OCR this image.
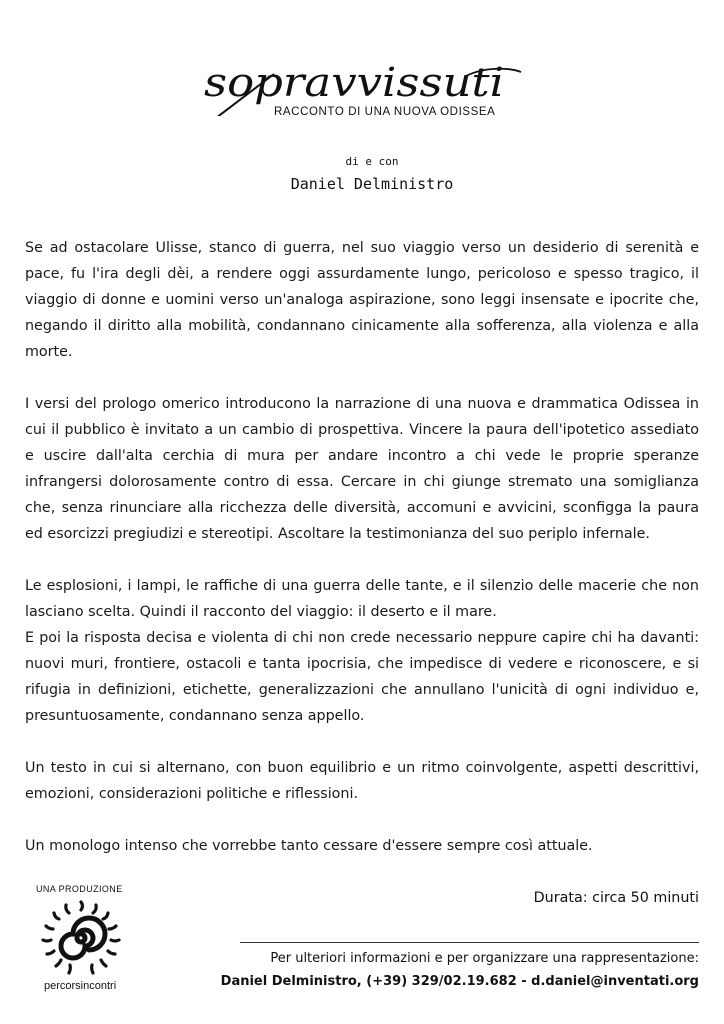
sopravvissuti
RACCONTO DI UNA NUOVA ODISSEA
di e con
Daniel Delministro

Se ad ostacolare Ulisse, stanco di guerra, nel suo viaggio verso un desiderio di serenità e pace, fu l'ira degli dèi, a rendere oggi assurdamente lungo, pericoloso e spesso tragico, il viaggio di donne e uomini verso un'analoga aspirazione, sono leggi insensate e ipocrite che, negando il diritto alla mobilità, condannano cinicamente alla sofferenza, alla violenza e alla morte.

I versi del prologo omerico introducono la narrazione di una nuova e drammatica Odissea in cui il pubblico è invitato a un cambio di prospettiva. Vincere la paura dell'ipotetico assediato e uscire dall'alta cerchia di mura per andare incontro a chi vede le proprie speranze infrangersi dolorosamente contro di essa. Cercare in chi giunge stremato una somiglianza che, senza rinunciare alla ricchezza delle diversità, accomuni e avvicini, sconfigga la paura ed esorcizzi pregiudizi e stereotipi. Ascoltare la testimonianza del suo periplo infernale.

Le esplosioni, i lampi, le raffiche di una guerra delle tante, e il silenzio delle macerie che non lasciano scelta. Quindi il racconto del viaggio: il deserto e il mare.

E poi la risposta decisa e violenta di chi non crede necessario neppure capire chi ha davanti: nuovi muri, frontiere, ostacoli e tanta ipocrisia, che impedisce di vedere e riconoscere, e si rifugia in definizioni, etichette, generalizzazioni che annullano l'unicità di ogni individuo e, presuntuosamente, condannano senza appello.

Un testo in cui si alternano, con buon equilibrio e un ritmo coinvolgente, aspetti descrittivi, emozioni, considerazioni politiche e riflessioni.

Un monologo intenso che vorrebbe tanto cessare d'essere sempre così attuale.

UNA PRODUZIONE
percorsincontri
Durata: circa 50 minuti
Per ulteriori informazioni e per organizzare una rappresentazione:
Daniel Delministro, (+39) 329/02.19.682 - d.daniel@inventati.org
